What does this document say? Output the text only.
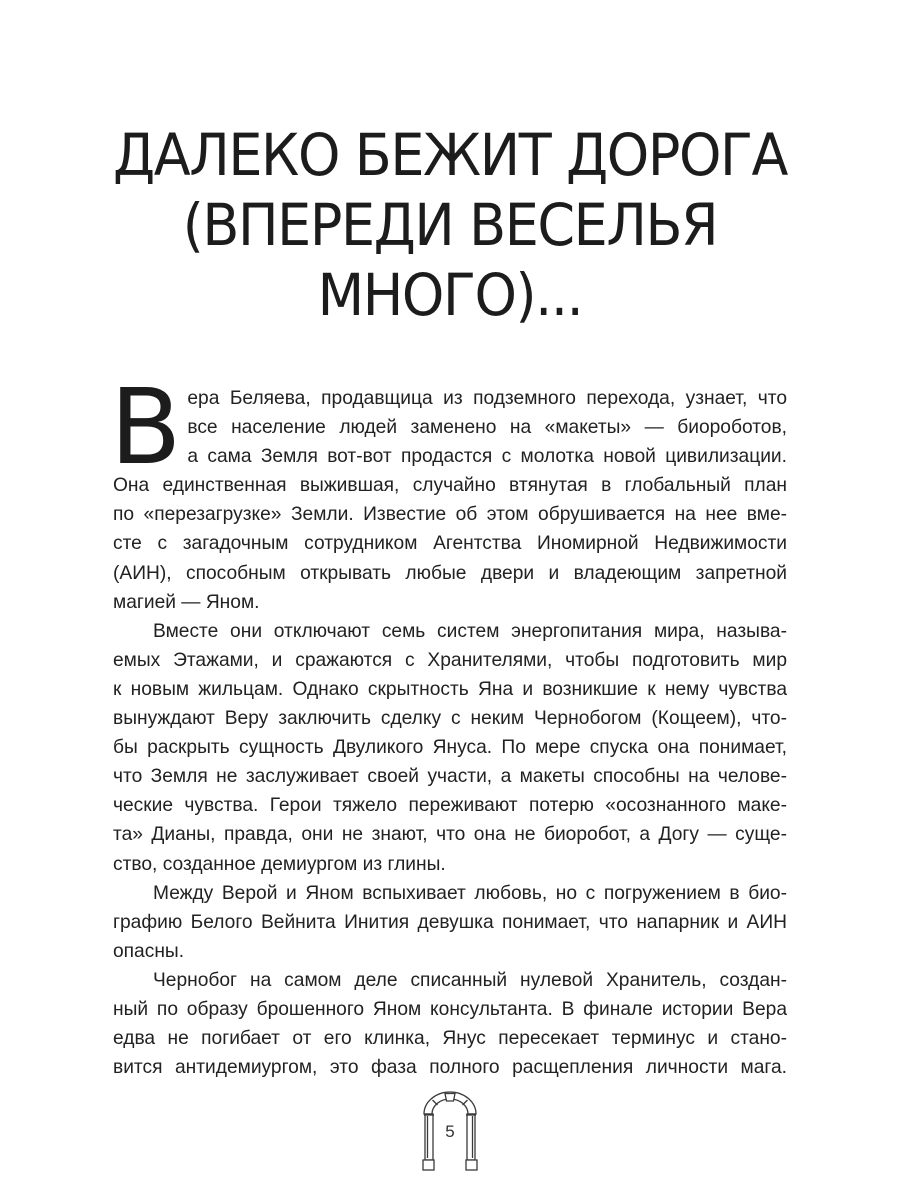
ДАЛЕКО БЕЖИТ ДОРОГА
(ВПЕРЕДИ ВЕСЕЛЬЯ
МНОГО)...

В ера Беляева, продавщица из подземного перехода, узнает, что
все население людей заменено на «макеты» — биороботов,
а сама Земля вот-вот продастся с молотка новой цивилизации.
Она единственная выжившая, случайно втянутая в глобальный план
по «перезагрузке» Земли. Известие об этом обрушивается на нее вме-
сте с загадочным сотрудником Агентства Иномирной Недвижимости
(АИН), способным открывать любые двери и владеющим запретной
магией — Яном.

Вместе они отключают семь систем энергопитания мира, называ-
емых Этажами, и сражаются с Хранителями, чтобы подготовить мир
к новым жильцам. Однако скрытность Яна и возникшие к нему чувства
вынуждают Веру заключить сделку с неким Чернобогом (Кощеем), что-
бы раскрыть сущность Двуликого Януса. По мере спуска она понимает,
что Земля не заслуживает своей участи, а макеты способны на челове-
ческие чувства. Герои тяжело переживают потерю «осознанного маке-
та» Дианы, правда, они не знают, что она не биоробот, а Догу — суще-
ство, созданное демиургом из глины.

Между Верой и Яном вспыхивает любовь, но с погружением в био-
графию Белого Вейнита Инития девушка понимает, что напарник и АИН
опасны.

Чернобог на самом деле списанный нулевой Хранитель, создан-
ный по образу брошенного Яном консультанта. В финале истории Вера
едва не погибает от его клинка, Янус пересекает терминус и стано-
вится антидемиургом, это фаза полного расщепления личности мага.

5
